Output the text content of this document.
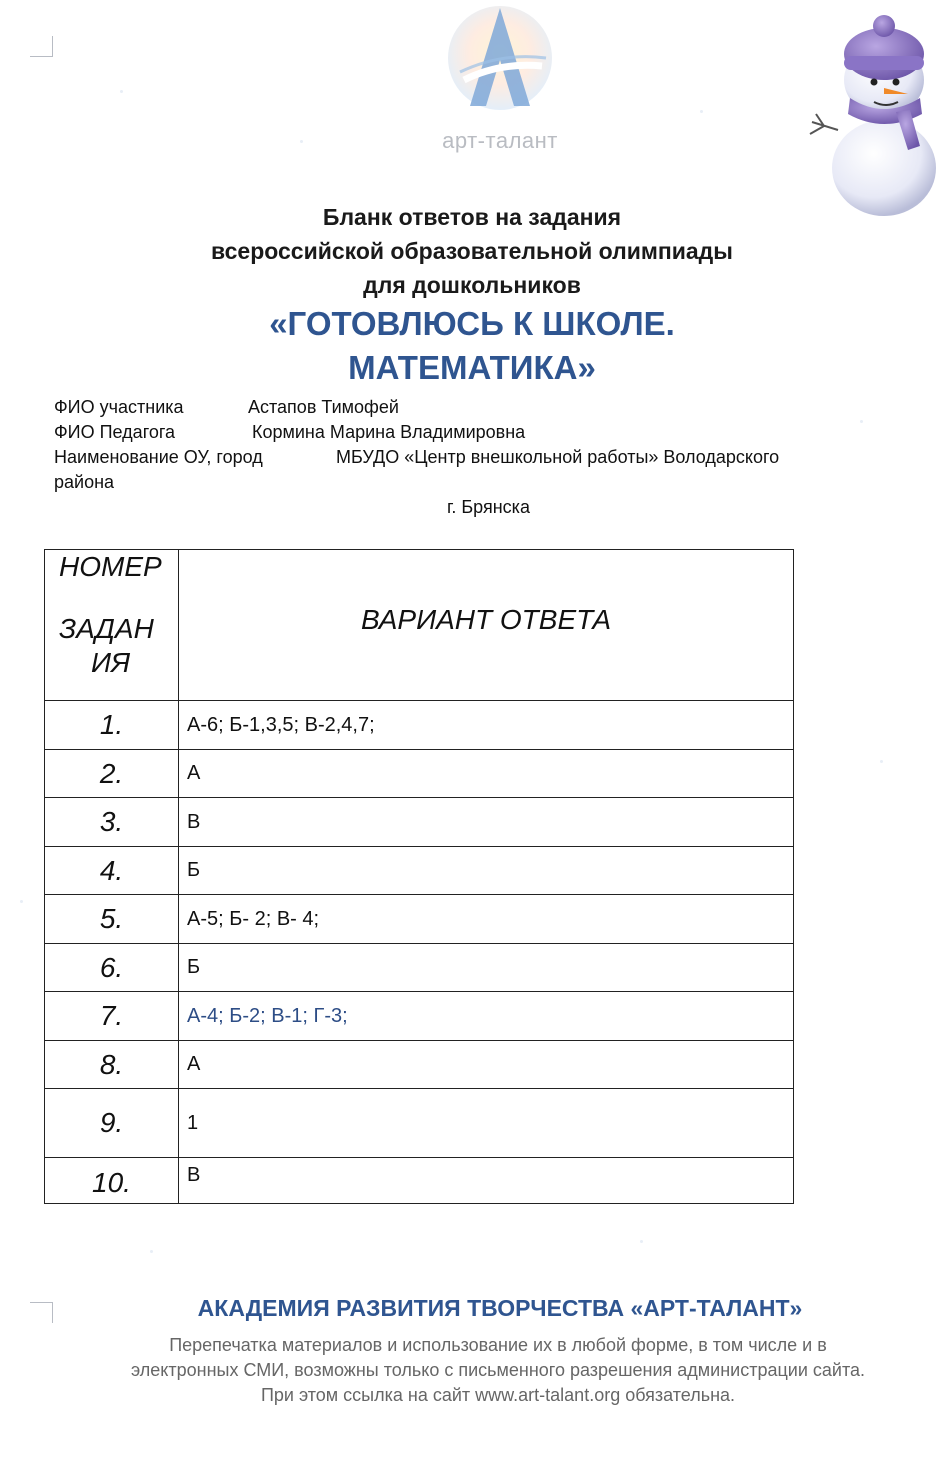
арт-талант
Бланк ответов на задания
всероссийской образовательной олимпиады
для дошкольников
«ГОТОВЛЮСЬ К ШКОЛЕ.
МАТЕМАТИКА»
ФИО участника	Астапов Тимофей
ФИО Педагога	Кормина Марина Владимировна
Наименование ОУ, город	МБУДО «Центр внешкольной работы» Володарского
района
г. Брянска
НОМЕР
ЗАДАН
ИЯ	ВАРИАНТ ОТВЕТА
1.	А-6; Б-1,3,5; В-2,4,7;
2.	А
3.	В
4.	Б
5.	А-5; Б- 2; В- 4;
6.	Б
7.	А-4; Б-2; В-1; Г-3;
8.	А
9.	1
10.	В
АКАДЕМИЯ РАЗВИТИЯ ТВОРЧЕСТВА «АРТ-ТАЛАНТ»
Перепечатка материалов и использование их в любой форме, в том числе и в
электронных СМИ, возможны только с письменного разрешения администрации сайта.
При этом ссылка на сайт www.art-talant.org обязательна.
